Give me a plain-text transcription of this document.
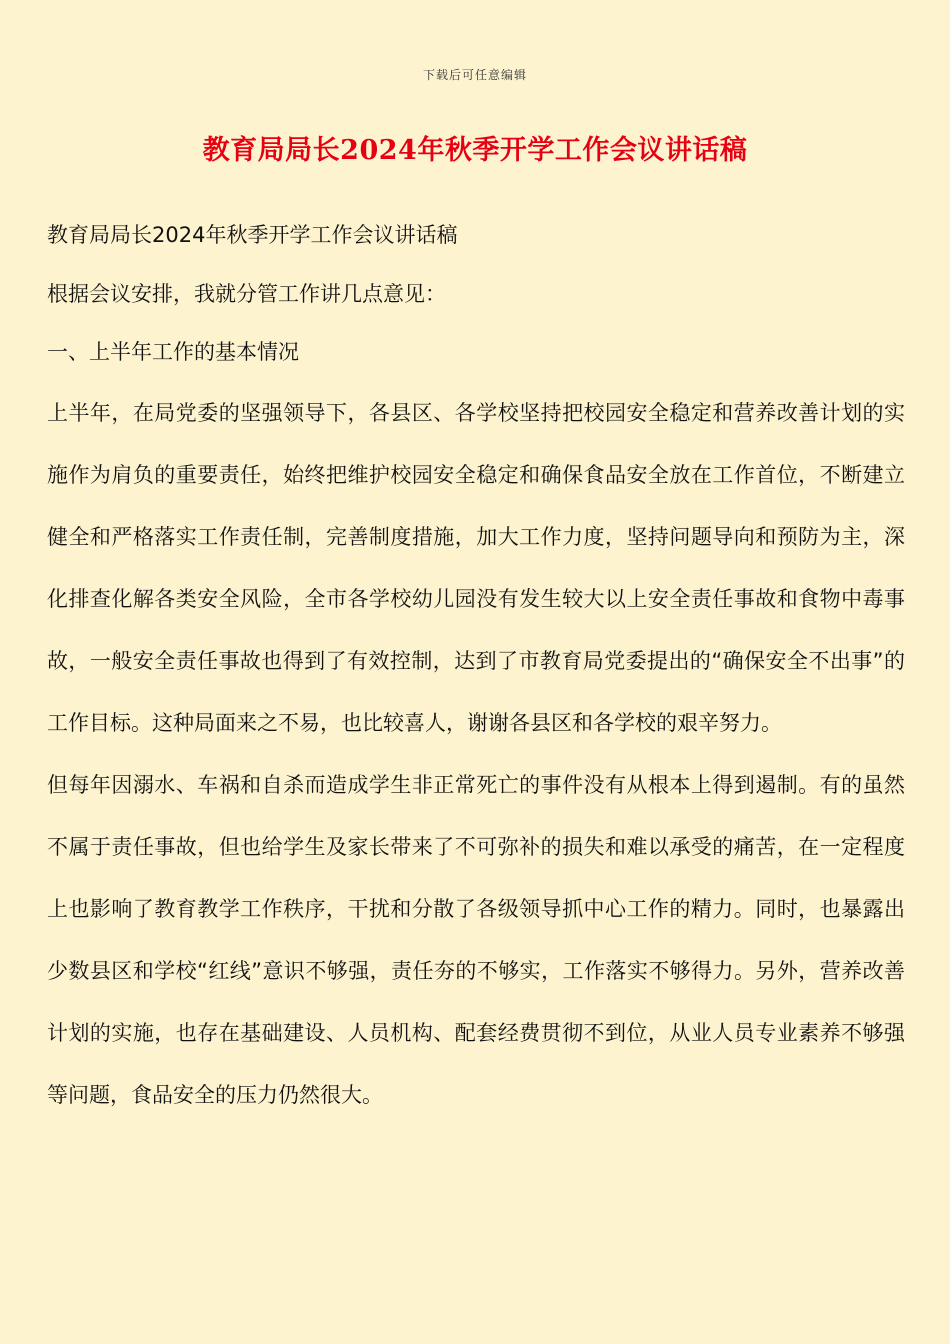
下载后可任意编辑
教育局局长2024年秋季开学工作会议讲话稿

教育局局长2024年秋季开学工作会议讲话稿

根据会议安排，我就分管工作讲几点意见：

一、上半年工作的基本情况

上半年，在局党委的坚强领导下，各县区、各学校坚持把校园安全稳定和营养改善计划的实施作为肩负的重要责任，始终把维护校园安全稳定和确保食品安全放在工作首位，不断建立健全和严格落实工作责任制，完善制度措施，加大工作力度，坚持问题导向和预防为主，深化排查化解各类安全风险，全市各学校幼儿园没有发生较大以上安全责任事故和食物中毒事故，一般安全责任事故也得到了有效控制，达到了市教育局党委提出的“确保安全不出事”的工作目标。这种局面来之不易，也比较喜人，谢谢各县区和各学校的艰辛努力。

但每年因溺水、车祸和自杀而造成学生非正常死亡的事件没有从根本上得到遏制。有的虽然不属于责任事故，但也给学生及家长带来了不可弥补的损失和难以承受的痛苦，在一定程度上也影响了教育教学工作秩序，干扰和分散了各级领导抓中心工作的精力。同时，也暴露出少数县区和学校“红线”意识不够强，责任夯的不够实，工作落实不够得力。另外，营养改善计划的实施，也存在基础建设、人员机构、配套经费贯彻不到位，从业人员专业素养不够强等问题，食品安全的压力仍然很大。
